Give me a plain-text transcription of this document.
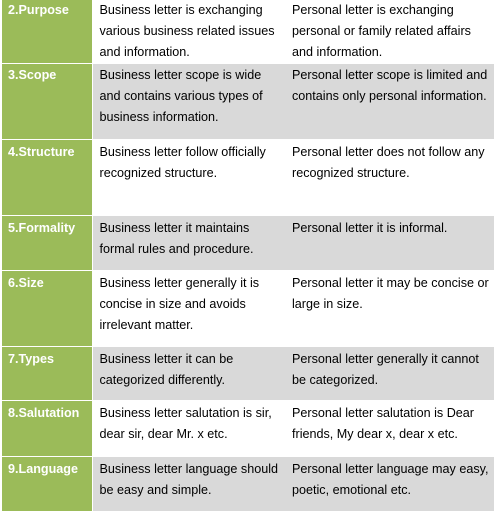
2.Purpose	Business letter is exchanging various business related issues and information.	Personal letter is exchanging personal or family related affairs and information.
3.Scope	Business letter scope is wide and contains various types of business information.	Personal letter scope is limited and contains only personal information.
4.Structure	Business letter follow officially recognized structure.	Personal letter does not follow any recognized structure.
5.Formality	Business letter it maintains formal rules and procedure.	Personal letter it is informal.
6.Size	Business letter generally it is concise in size and avoids irrelevant matter.	Personal letter it may be concise or large in size.
7.Types	Business letter it can be categorized differently.	Personal letter generally it cannot be categorized.
8.Salutation	Business letter salutation is sir, dear sir, dear Mr. x etc.	Personal letter salutation is Dear friends, My dear x, dear x etc.
9.Language	Business letter language should be easy and simple.	Personal letter language may easy, poetic, emotional etc.
